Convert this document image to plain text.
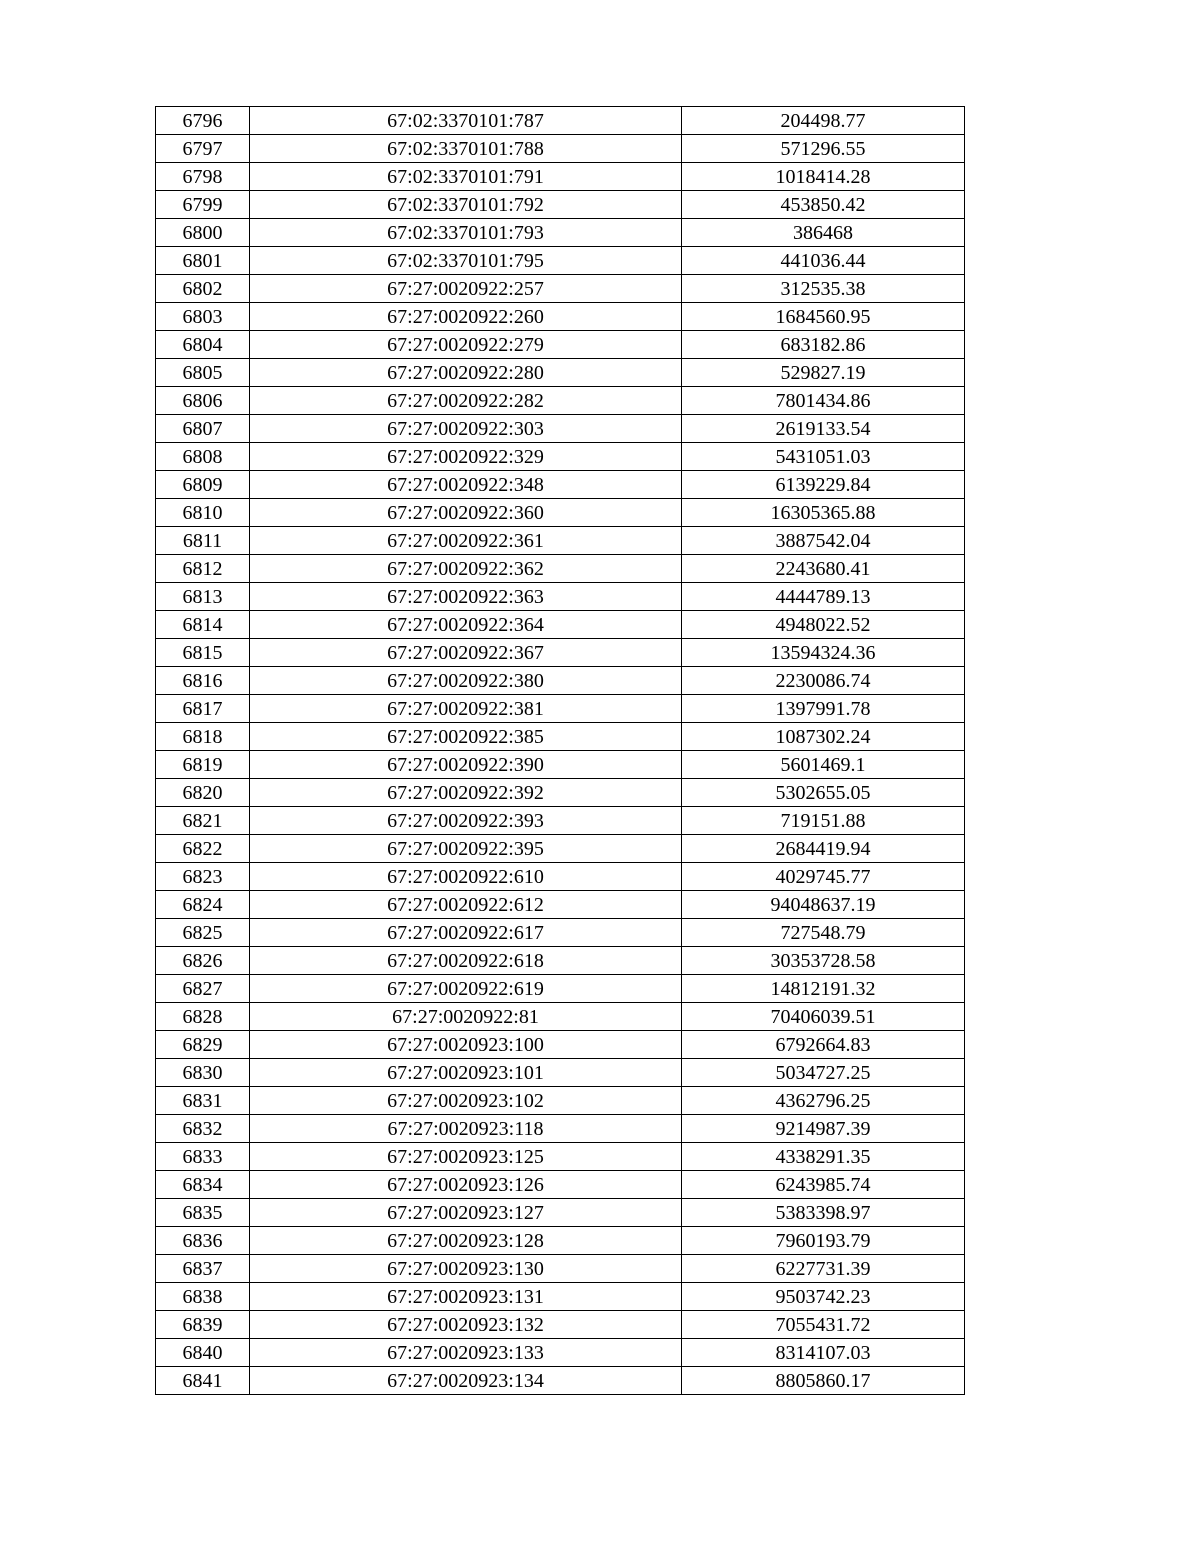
6796	67:02:3370101:787	204498.77
6797	67:02:3370101:788	571296.55
6798	67:02:3370101:791	1018414.28
6799	67:02:3370101:792	453850.42
6800	67:02:3370101:793	386468
6801	67:02:3370101:795	441036.44
6802	67:27:0020922:257	312535.38
6803	67:27:0020922:260	1684560.95
6804	67:27:0020922:279	683182.86
6805	67:27:0020922:280	529827.19
6806	67:27:0020922:282	7801434.86
6807	67:27:0020922:303	2619133.54
6808	67:27:0020922:329	5431051.03
6809	67:27:0020922:348	6139229.84
6810	67:27:0020922:360	16305365.88
6811	67:27:0020922:361	3887542.04
6812	67:27:0020922:362	2243680.41
6813	67:27:0020922:363	4444789.13
6814	67:27:0020922:364	4948022.52
6815	67:27:0020922:367	13594324.36
6816	67:27:0020922:380	2230086.74
6817	67:27:0020922:381	1397991.78
6818	67:27:0020922:385	1087302.24
6819	67:27:0020922:390	5601469.1
6820	67:27:0020922:392	5302655.05
6821	67:27:0020922:393	719151.88
6822	67:27:0020922:395	2684419.94
6823	67:27:0020922:610	4029745.77
6824	67:27:0020922:612	94048637.19
6825	67:27:0020922:617	727548.79
6826	67:27:0020922:618	30353728.58
6827	67:27:0020922:619	14812191.32
6828	67:27:0020922:81	70406039.51
6829	67:27:0020923:100	6792664.83
6830	67:27:0020923:101	5034727.25
6831	67:27:0020923:102	4362796.25
6832	67:27:0020923:118	9214987.39
6833	67:27:0020923:125	4338291.35
6834	67:27:0020923:126	6243985.74
6835	67:27:0020923:127	5383398.97
6836	67:27:0020923:128	7960193.79
6837	67:27:0020923:130	6227731.39
6838	67:27:0020923:131	9503742.23
6839	67:27:0020923:132	7055431.72
6840	67:27:0020923:133	8314107.03
6841	67:27:0020923:134	8805860.17
